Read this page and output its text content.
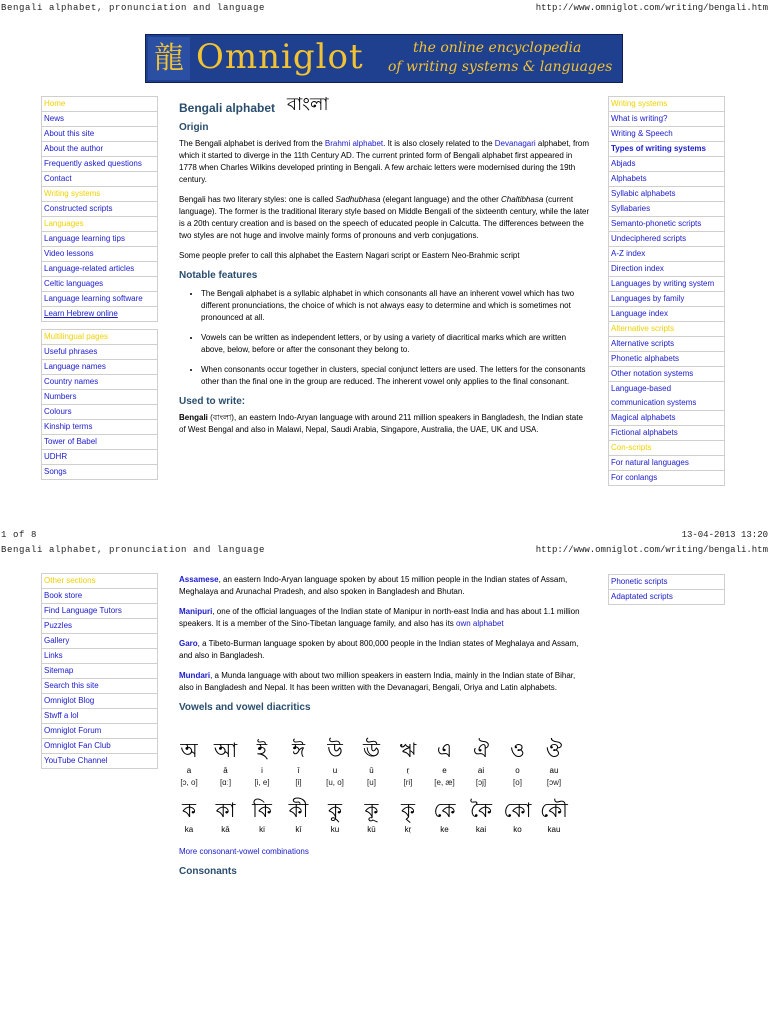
Bengali alphabet, pronunciation and language	http://www.omniglot.com/writing/bengali.htm
龍 Omniglot	the online encyclopedia
of writing systems & languages
Home
News
About this site
About the author
Frequently asked questions
Contact
Writing systems
Constructed scripts
Languages
Language learning tips
Video lessons
Language-related articles
Celtic languages
Language learning software
Learn Hebrew online
Multilingual pages
Useful phrases
Language names
Country names
Numbers
Colours
Kinship terms
Tower of Babel
UDHR
Songs
Writing systems
What is writing?
Writing & Speech
Types of writing systems
Abjads
Alphabets
Syllabic alphabets
Syllabaries
Semanto-phonetic scripts
Undeciphered scripts
A-Z index
Direction index
Languages by writing system
Languages by family
Language index
Alternative scripts
Alternative scripts
Phonetic alphabets
Other notation systems
Language-based
communication systems
Magical alphabets
Fictional alphabets
Con-scripts
For natural languages
For conlangs
Bengali alphabet বাংলা
Origin

The Bengali alphabet is derived from the Brahmi alphabet. It is also closely related to the Devanagari alphabet, from which it started to diverge in the 11th Century AD. The current printed form of Bengali alphabet first appeared in 1778 when Charles Wilkins developed printing in Bengali. A few archaic letters were modernised during the 19th century.

Bengali has two literary styles: one is called Sadhubhasa (elegant language) and the other Chaltibhasa (current language). The former is the traditional literary style based on Middle Bengali of the sixteenth century, while the later is a 20th century creation and is based on the speech of educated people in Calcutta. The differences between the two styles are not huge and involve mainly forms of pronouns and verb conjugations.

Some people prefer to call this alphabet the Eastern Nagari script or Eastern Neo-Brahmic script

Notable features
• The Bengali alphabet is a syllabic alphabet in which consonants all have an inherent vowel which has two different pronunciations, the choice of which is not always easy to determine and which is sometimes not pronounced at all.
• Vowels can be written as independent letters, or by using a variety of diacritical marks which are written above, below, before or after the consonant they belong to.
• When consonants occur together in clusters, special conjunct letters are used. The letters for the consonants other than the final one in the group are reduced. The inherent vowel only applies to the final consonant.
Used to write:

Bengali (বাংলা), an eastern Indo-Aryan language with around 211 million speakers in Bangladesh, the Indian state of West Bengal and also in Malawi, Nepal, Saudi Arabia, Singapore, Australia, the UAE, UK and USA.

1 of 8	13-04-2013 13:20
Bengali alphabet, pronunciation and language	http://www.omniglot.com/writing/bengali.htm
Other sections
Book store
Find Language Tutors
Puzzles
Gallery
Links
Sitemap
Search this site
Omniglot Blog
Stwff a lol
Omniglot Forum
Omniglot Fan Club
YouTube Channel
Phonetic scripts
Adaptated scripts

Assamese, an eastern Indo-Aryan language spoken by about 15 million people in the Indian states of Assam, Meghalaya and Arunachal Pradesh, and also spoken in Bangladesh and Bhutan.

Manipuri, one of the official languages of the Indian state of Manipur in north-east India and has about 1.1 million speakers. It is a member of the Sino-Tibetan language family, and also has its own alphabet

Garo, a Tibeto-Burman language spoken by about 800,000 people in the Indian states of Meghalaya and Assam, and also in Bangladesh.

Mundari, a Munda language with about two million speakers in eastern India, mainly in the Indian state of Bihar, also in Bangladesh and Nepal. It has been written with the Devanagari, Bengali, Oriya and Latin alphabets.

Vowels and vowel diacritics
অ
a
[ɔ, o]
আ
ā
[ɑː]
ই
i
[i, e]
ঈ
ī
[i]
উ
u
[u, o]
ঊ
ū
[u]
ঋ
ṛ
[ri]
এ
e
[e, æ]
ঐ
ai
[ɔj]
ও
o
[o]
ঔ
au
[ɔw]
ক
ka
কা
kā
কি
ki
কী
kī
কু
ku
কূ
kū
কৃ
kṛ
কে
ke
কৈ
kai
কো
ko
কৌ
kau

More consonant-vowel combinations

Consonants
